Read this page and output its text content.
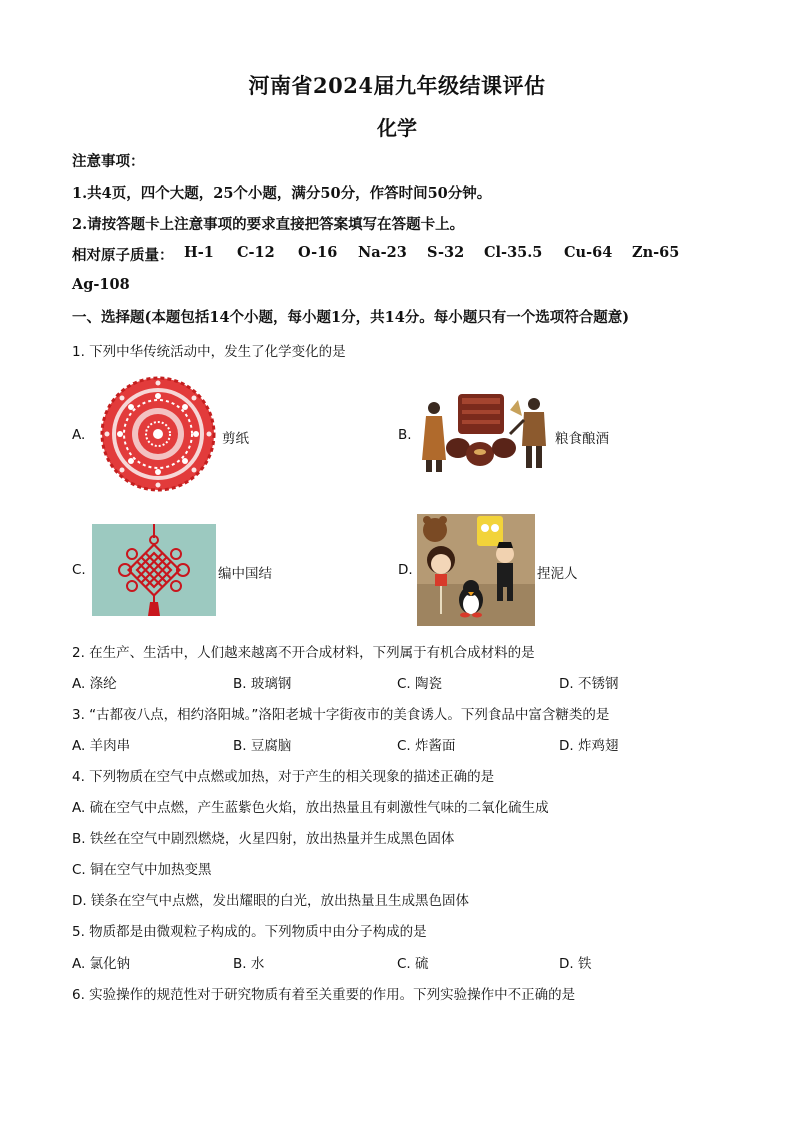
河南省2024届九年级结课评估
化学
注意事项：
1.共4页，四个大题，25个小题，满分50分，作答时间50分钟。
2.请按答题卡上注意事项的要求直接把答案填写在答题卡上。
相对原子质量： H-1 C-12 O-16 Na-23 S-32 Cl-35.5 Cu-64 Zn-65
Ag-108
一、选择题(本题包括14个小题，每小题1分，共14分。每小题只有一个选项符合题意)
1. 下列中华传统活动中，发生了化学变化的是
A.	剪纸	B.	粮食酿酒
C.	编中国结	D.	捏泥人
2. 在生产、生活中，人们越来越离不开合成材料，下列属于有机合成材料的是
A. 涤纶	B. 玻璃钢	C. 陶瓷	D. 不锈钢
3. “古都夜八点，相约洛阳城。”洛阳老城十字街夜市的美食诱人。下列食品中富含糖类的是
A. 羊肉串	B. 豆腐脑	C. 炸酱面	D. 炸鸡翅
4. 下列物质在空气中点燃或加热，对于产生的相关现象的描述正确的是
A. 硫在空气中点燃，产生蓝紫色火焰，放出热量且有刺激性气味的二氧化硫生成
B. 铁丝在空气中剧烈燃烧，火星四射，放出热量并生成黑色固体
C. 铜在空气中加热变黑
D. 镁条在空气中点燃，发出耀眼的白光，放出热量且生成黑色固体
5. 物质都是由微观粒子构成的。下列物质中由分子构成的是
A. 氯化钠	B. 水	C. 硫	D. 铁
6. 实验操作的规范性对于研究物质有着至关重要的作用。下列实验操作中不正确的是
